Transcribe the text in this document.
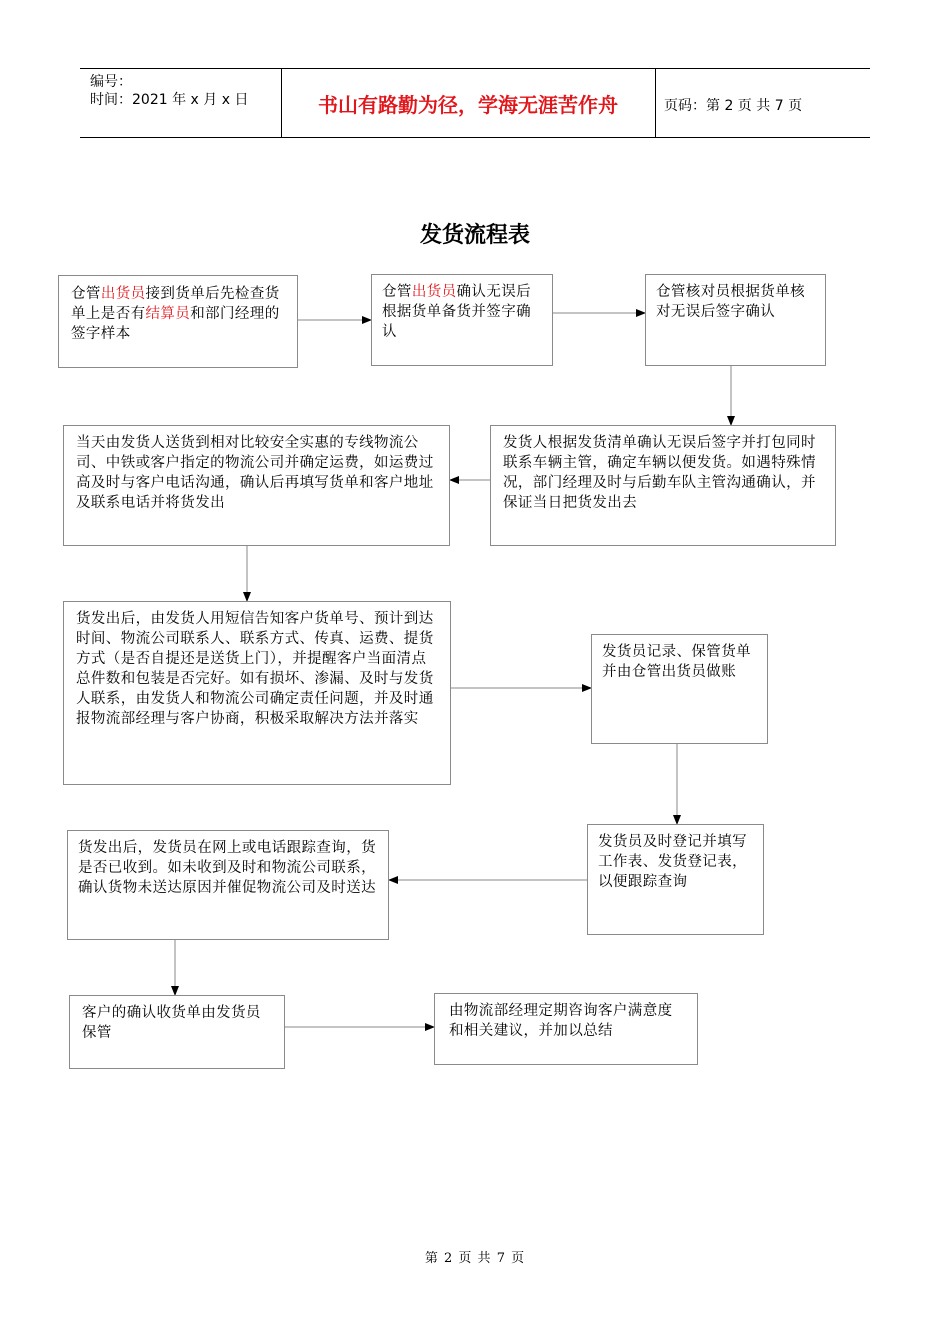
编号：
时间：2021 年 x 月 x 日	书山有路勤为径，学海无涯苦作舟	页码：第 2 页 共 7 页
发货流程表
仓管出货员接到货单后先检查货单上是否有结算员和部门经理的签字样本
仓管出货员确认无误后根据货单备货并签字确认
仓管核对员根据货单核对无误后签字确认
发货人根据发货清单确认无误后签字并打包同时联系车辆主管，确定车辆以便发货。如遇特殊情况，部门经理及时与后勤车队主管沟通确认，并保证当日把货发出去
当天由发货人送货到相对比较安全实惠的专线物流公司、中铁或客户指定的物流公司并确定运费，如运费过高及时与客户电话沟通，确认后再填写货单和客户地址及联系电话并将货发出
货发出后，由发货人用短信告知客户货单号、预计到达时间、物流公司联系人、联系方式、传真、运费、提货方式（是否自提还是送货上门），并提醒客户当面清点总件数和包装是否完好。如有损坏、渗漏、及时与发货人联系，由发货人和物流公司确定责任问题，并及时通报物流部经理与客户协商，积极采取解决方法并落实
发货员记录、保管货单并由仓管出货员做账
发货员及时登记并填写工作表、发货登记表，以便跟踪查询
货发出后，发货员在网上或电话跟踪查询，货是否已收到。如未收到及时和物流公司联系，确认货物未送达原因并催促物流公司及时送达
客户的确认收货单由发货员保管
由物流部经理定期咨询客户满意度和相关建议，并加以总结
第 2 页 共 7 页
